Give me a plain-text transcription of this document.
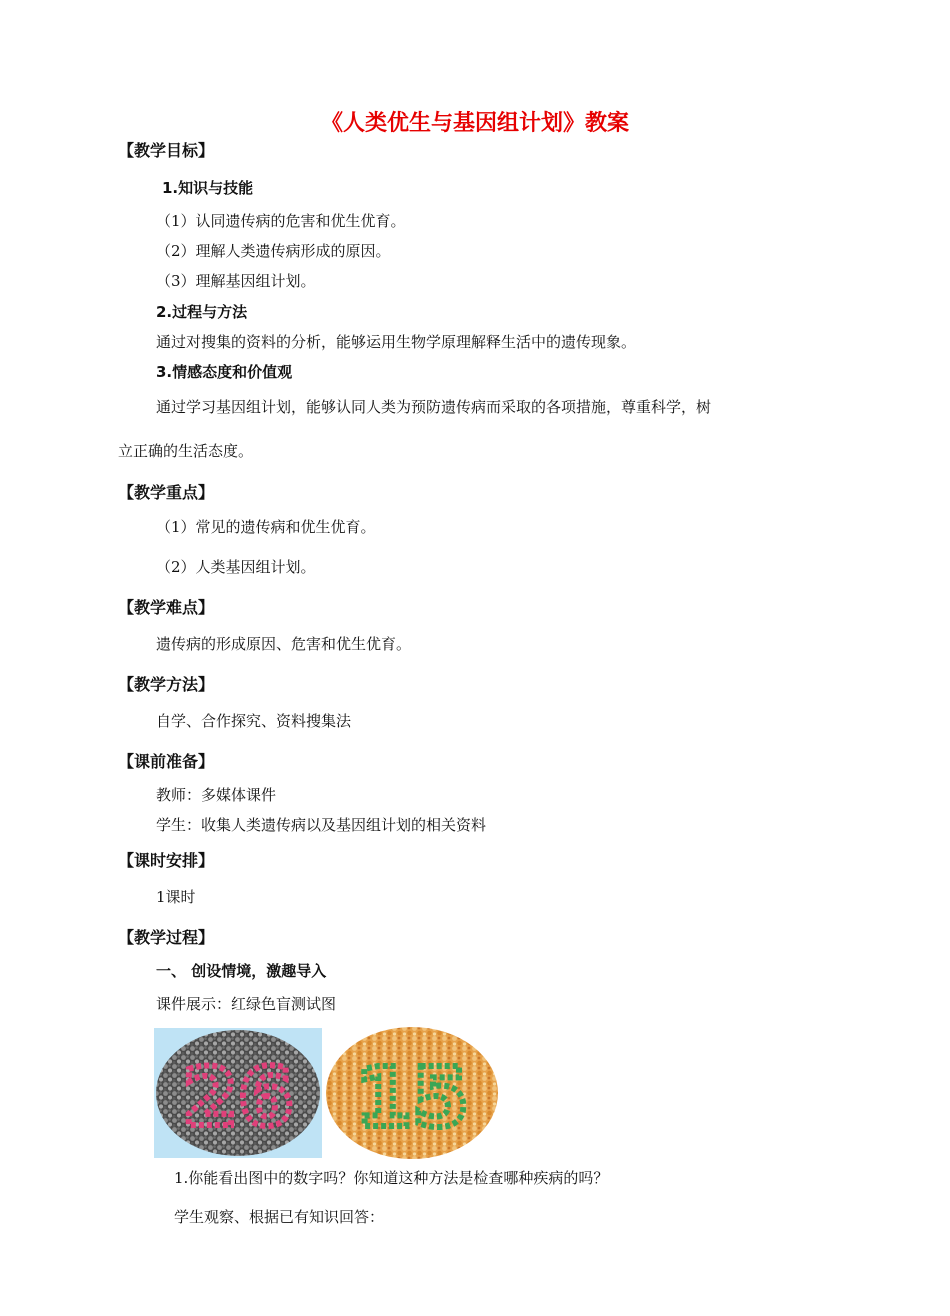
《人类优生与基因组计划》教案
【教学目标】
1.知识与技能
（1）认同遗传病的危害和优生优育。
（2）理解人类遗传病形成的原因。
（3）理解基因组计划。
2.过程与方法
通过对搜集的资料的分析，能够运用生物学原理解释生活中的遗传现象。
3.情感态度和价值观
通过学习基因组计划，能够认同人类为预防遗传病而采取的各项措施，尊重科学，树
立正确的生活态度。
【教学重点】
（1）常见的遗传病和优生优育。
（2）人类基因组计划。
【教学难点】
遗传病的形成原因、危害和优生优育。
【教学方法】
自学、合作探究、资料搜集法
【课前准备】
教师：多媒体课件
学生：收集人类遗传病以及基因组计划的相关资料
【课时安排】
1课时
【教学过程】
一、 创设情境，激趣导入
课件展示：红绿色盲测试图
26 15
1.你能看出图中的数字吗？你知道这种方法是检查哪种疾病的吗？
学生观察、根据已有知识回答：
